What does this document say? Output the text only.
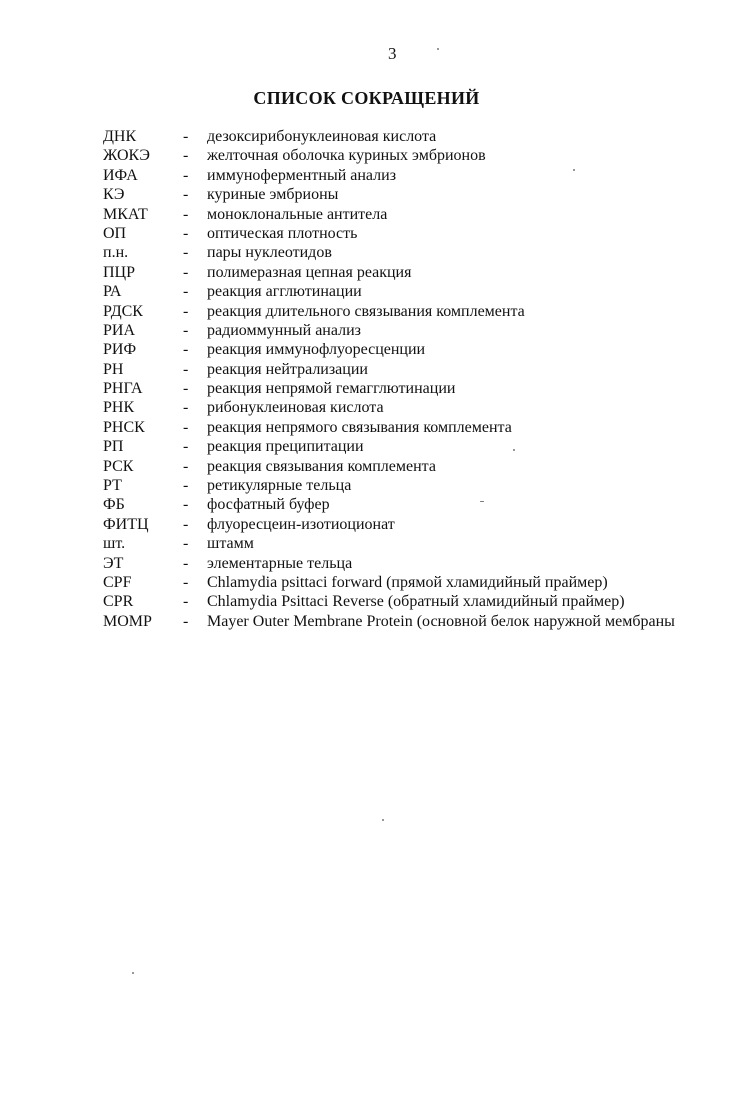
3
СПИСОК СОКРАЩЕНИЙ
ДНК	-	дезоксирибонуклеиновая кислота
ЖОКЭ	-	желточная оболочка куриных эмбрионов
ИФА	-	иммуноферментный анализ
КЭ	-	куриные эмбрионы
МКАТ	-	моноклональные антитела
ОП	-	оптическая плотность
п.н.	-	пары нуклеотидов
ПЦР	-	полимеразная цепная реакция
РА	-	реакция агглютинации
РДСК	-	реакция длительного связывания комплемента
РИА	-	радиоммунный анализ
РИФ	-	реакция иммунофлуоресценции
РН	-	реакция нейтрализации
РНГА	-	реакция непрямой гемагглютинации
РНК	-	рибонуклеиновая кислота
РНСК	-	реакция непрямого связывания комплемента
РП	-	реакция преципитации
РСК	-	реакция связывания комплемента
РТ	-	ретикулярные тельца
ФБ	-	фосфатный буфер
ФИТЦ	-	флуоресцеин-изотиоционат
шт.	-	штамм
ЭТ	-	элементарные тельца
CPF	-	Chlamydia psittaci forward (прямой хламидийный праймер)
CPR	-	Chlamydia Psittaci Reverse (обратный хламидийный праймер)
MOMP	-	Mayer Outer Membrane Protein (основной белок наружной мембраны
